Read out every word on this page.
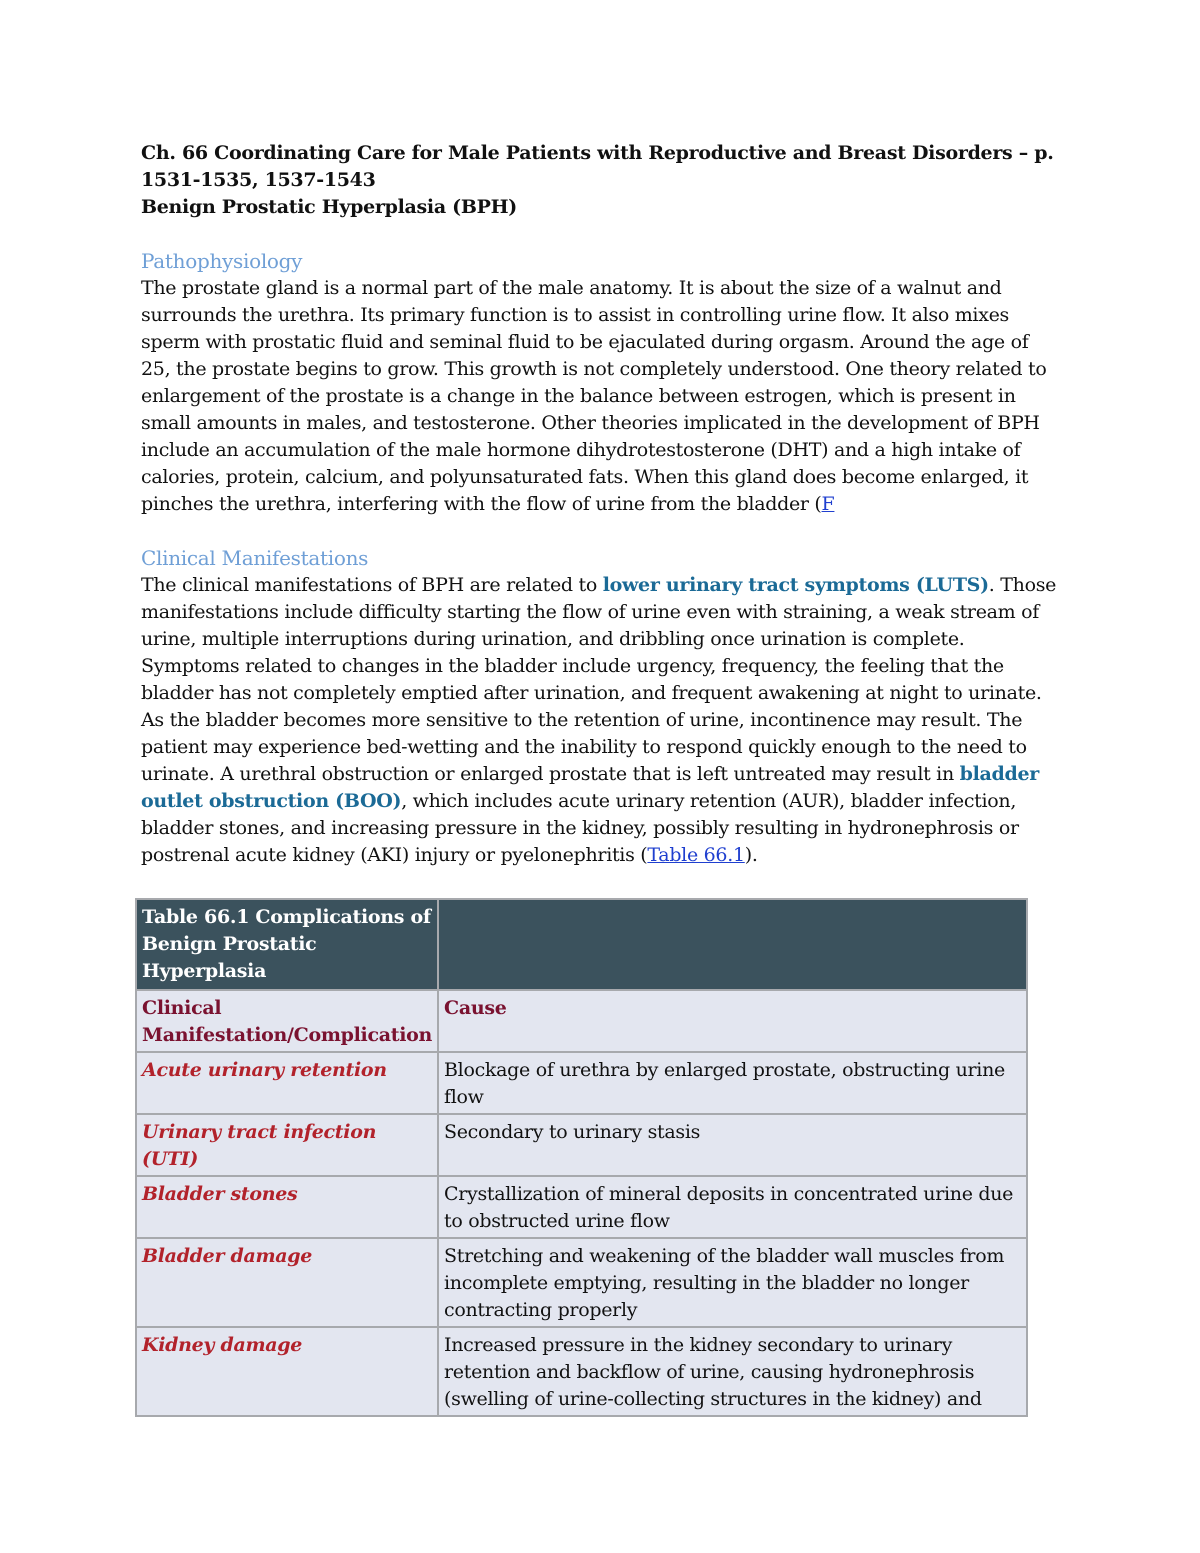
Ch. 66 Coordinating Care for Male Patients with Reproductive and Breast Disorders – p.
1531-1535, 1537-1543
Benign Prostatic Hyperplasia (BPH)
Pathophysiology

The prostate gland is a normal part of the male anatomy. It is about the size of a walnut and surrounds the urethra. Its primary function is to assist in controlling urine flow. It also mixes sperm with prostatic fluid and seminal fluid to be ejaculated during orgasm. Around the age of 25, the prostate begins to grow. This growth is not completely understood. One theory related to enlargement of the prostate is a change in the balance between estrogen, which is present in small amounts in males, and testosterone. Other theories implicated in the development of BPH include an accumulation of the male hormone dihydrotestosterone (DHT) and a high intake of calories, protein, calcium, and polyunsaturated fats. When this gland does become enlarged, it pinches the urethra, interfering with the flow of urine from the bladder (F

Clinical Manifestations

The clinical manifestations of BPH are related to lower urinary tract symptoms (LUTS). Those manifestations include difficulty starting the flow of urine even with straining, a weak stream of urine, multiple interruptions during urination, and dribbling once urination is complete. Symptoms related to changes in the bladder include urgency, frequency, the feeling that the bladder has not completely emptied after urination, and frequent awakening at night to urinate. As the bladder becomes more sensitive to the retention of urine, incontinence may result. The patient may experience bed-wetting and the inability to respond quickly enough to the need to urinate. A urethral obstruction or enlarged prostate that is left untreated may result in bladder outlet obstruction (BOO), which includes acute urinary retention (AUR), bladder infection, bladder stones, and increasing pressure in the kidney, possibly resulting in hydronephrosis or postrenal acute kidney (AKI) injury or pyelonephritis (Table 66.1).

Table 66.1 Complications of Benign Prostatic Hyperplasia	
Clinical Manifestation/Complication	Cause
Acute urinary retention	Blockage of urethra by enlarged prostate, obstructing urine flow
Urinary tract infection (UTI)	Secondary to urinary stasis
Bladder stones	Crystallization of mineral deposits in concentrated urine due to obstructed urine flow
Bladder damage	Stretching and weakening of the bladder wall muscles from incomplete emptying, resulting in the bladder no longer contracting properly
Kidney damage	Increased pressure in the kidney secondary to urinary retention and backflow of urine, causing hydronephrosis (swelling of urine-collecting structures in the kidney) and
